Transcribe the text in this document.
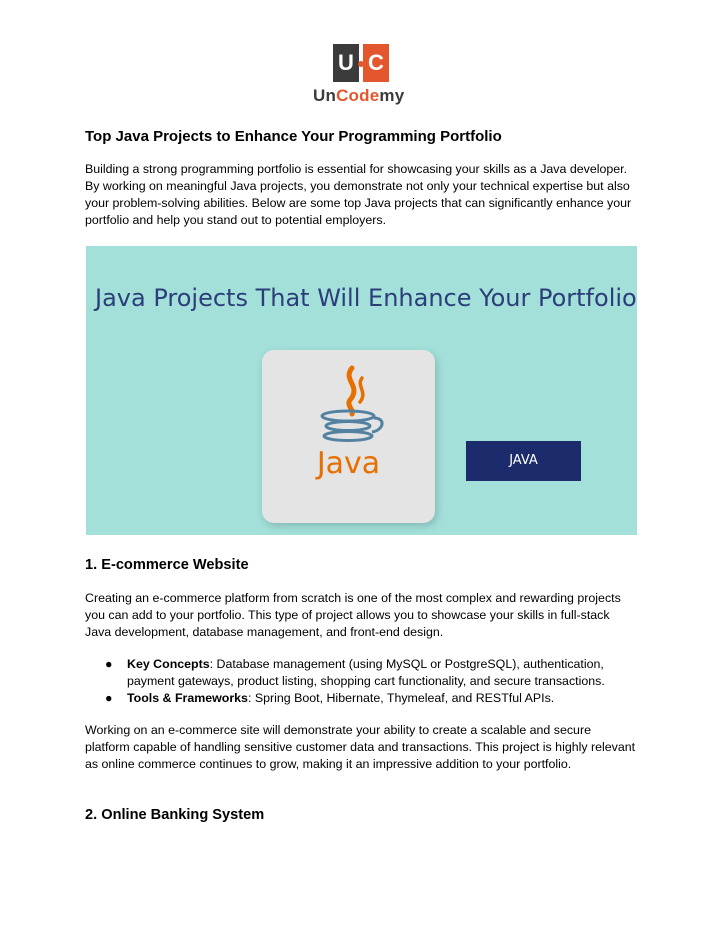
U C
UnCodemy
Top Java Projects to Enhance Your Programming Portfolio

Building a strong programming portfolio is essential for showcasing your skills as a Java developer. By working on meaningful Java projects, you demonstrate not only your technical expertise but also your problem-solving abilities. Below are some top Java projects that can significantly enhance your portfolio and help you stand out to potential employers.

Java Projects That Will Enhance Your Portfolio
Java	JAVA
1. E-commerce Website

Creating an e-commerce platform from scratch is one of the most complex and rewarding projects you can add to your portfolio. This type of project allows you to showcase your skills in full-stack Java development, database management, and front-end design.

● Key Concepts: Database management (using MySQL or PostgreSQL), authentication, payment gateways, product listing, shopping cart functionality, and secure transactions.
● Tools & Frameworks: Spring Boot, Hibernate, Thymeleaf, and RESTful APIs.

Working on an e-commerce site will demonstrate your ability to create a scalable and secure platform capable of handling sensitive customer data and transactions. This project is highly relevant as online commerce continues to grow, making it an impressive addition to your portfolio.

2. Online Banking System
